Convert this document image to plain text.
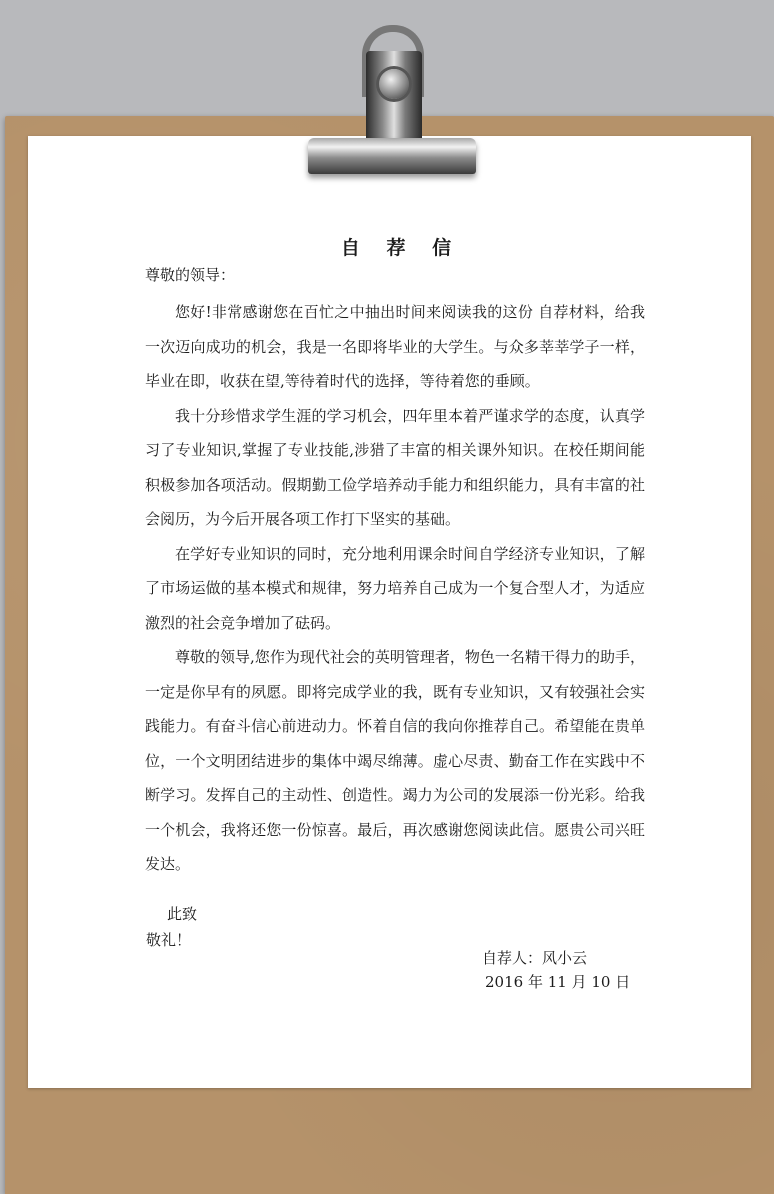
自 荐 信
尊敬的领导：

您好!非常感谢您在百忙之中抽出时间来阅读我的这份 自荐材料，给我一次迈向成功的机会，我是一名即将毕业的大学生。与众多莘莘学子一样，毕业在即，收获在望,等待着时代的选择，等待着您的垂顾。

我十分珍惜求学生涯的学习机会，四年里本着严谨求学的态度，认真学习了专业知识,掌握了专业技能,涉猎了丰富的相关课外知识。在校任期间能积极参加各项活动。假期勤工俭学培养动手能力和组织能力，具有丰富的社会阅历，为今后开展各项工作打下坚实的基础。

在学好专业知识的同时，充分地利用课余时间自学经济专业知识，了解了市场运做的基本模式和规律，努力培养自己成为一个复合型人才，为适应激烈的社会竞争增加了砝码。

尊敬的领导,您作为现代社会的英明管理者，物色一名精干得力的助手，一定是你早有的夙愿。即将完成学业的我，既有专业知识，又有较强社会实践能力。有奋斗信心前进动力。怀着自信的我向你推荐自己。希望能在贵单位，一个文明团结进步的集体中竭尽绵薄。虚心尽责、勤奋工作在实践中不断学习。发挥自己的主动性、创造性。竭力为公司的发展添一份光彩。给我一个机会，我将还您一份惊喜。最后，再次感谢您阅读此信。愿贵公司兴旺发达。

此致
敬礼！
自荐人：风小云
2016 年 11 月 10 日
